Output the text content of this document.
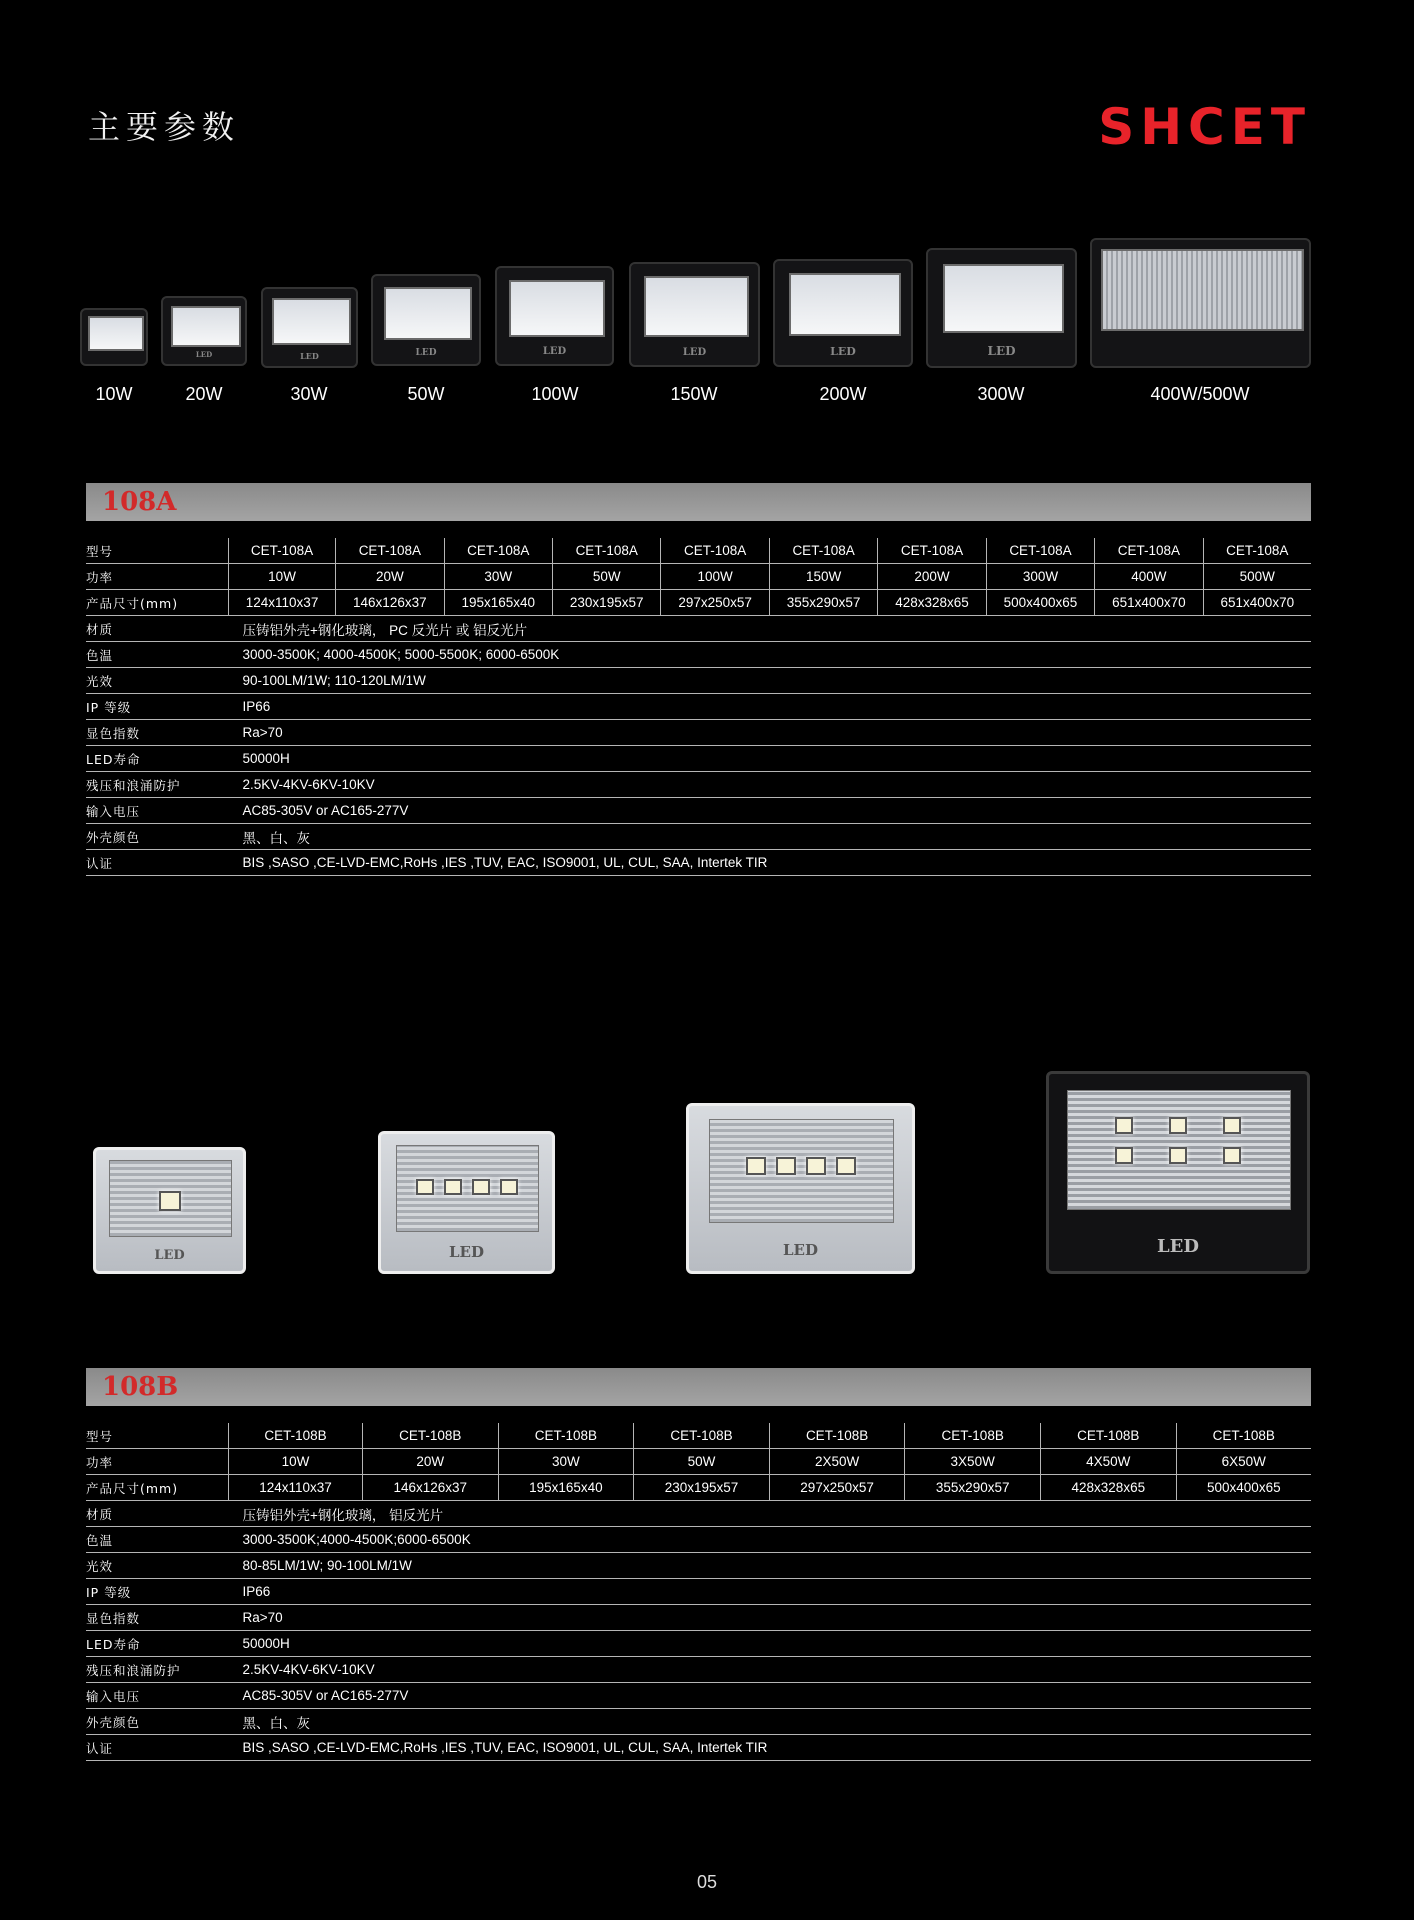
主要参数	SHCET
LED	LED	LED	LED	LED	LED	LED
10W	20W	30W	50W	100W	150W	200W	300W	400W/500W
108A
型号	CET-108A	CET-108A	CET-108A	CET-108A	CET-108A	CET-108A	CET-108A	CET-108A	CET-108A	CET-108A
功率	10W	20W	30W	50W	100W	150W	200W	300W	400W	500W
产品尺寸(mm)	124x110x37	146x126x37	195x165x40	230x195x57	297x250x57	355x290x57	428x328x65	500x400x65	651x400x70	651x400x70
材质	压铸铝外壳+钢化玻璃， PC 反光片 或 铝反光片									
色温	3000-3500K; 4000-4500K; 5000-5500K; 6000-6500K									
光效	90-100LM/1W; 110-120LM/1W									
IP 等级	IP66									
显色指数	Ra>70									
LED寿命	50000H									
残压和浪涌防护	2.5KV-4KV-6KV-10KV									
输入电压	AC85-305V or AC165-277V									
外壳颜色	黑、白、灰									
认证	BIS ,SASO ,CE-LVD-EMC,RoHs ,IES ,TUV, EAC, ISO9001, UL, CUL, SAA, Intertek TIR									
LED	LED	LED	LED
108B
型号	CET-108B	CET-108B	CET-108B	CET-108B	CET-108B	CET-108B	CET-108B	CET-108B
功率	10W	20W	30W	50W	2X50W	3X50W	4X50W	6X50W
产品尺寸(mm)	124x110x37	146x126x37	195x165x40	230x195x57	297x250x57	355x290x57	428x328x65	500x400x65
材质	压铸铝外壳+钢化玻璃， 铝反光片							
色温	3000-3500K;4000-4500K;6000-6500K							
光效	80-85LM/1W; 90-100LM/1W							
IP 等级	IP66							
显色指数	Ra>70							
LED寿命	50000H							
残压和浪涌防护	2.5KV-4KV-6KV-10KV							
输入电压	AC85-305V or AC165-277V							
外壳颜色	黑、白、灰							
认证	BIS ,SASO ,CE-LVD-EMC,RoHs ,IES ,TUV, EAC, ISO9001, UL, CUL, SAA, Intertek TIR							
05
